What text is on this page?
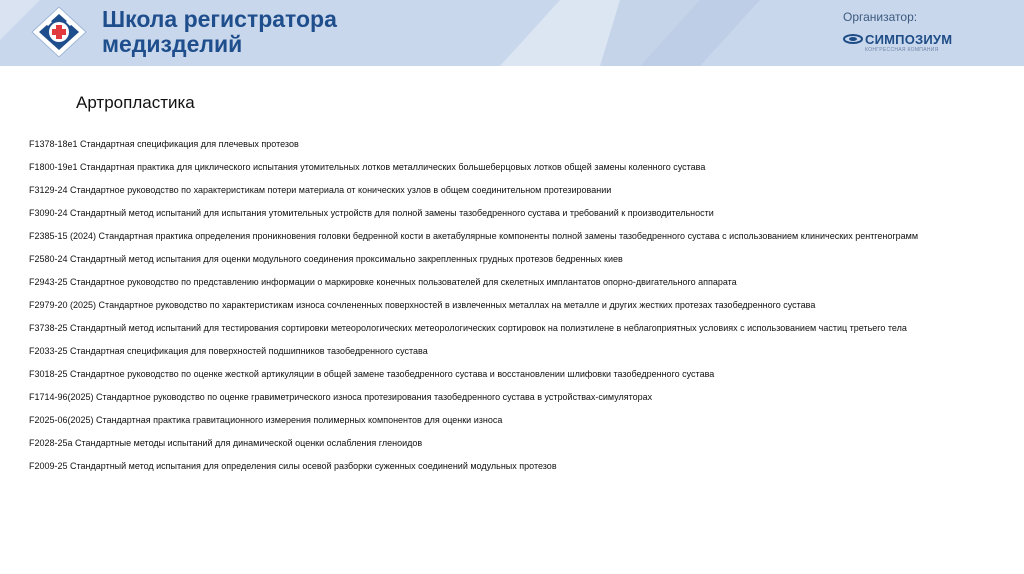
Школа регистратора
медизделий
Организатор:
СИМПОЗИУМ
КОНГРЕССНАЯ КОМПАНИЯ
Артропластика
F1378-18e1 Стандартная спецификация для плечевых протезов
F1800-19e1 Стандартная практика для циклического испытания утомительных лотков металлических большеберцовых лотков общей замены коленного сустава
F3129-24 Стандартное руководство по характеристикам потери материала от конических узлов в общем соединительном протезировании
F3090-24 Стандартный метод испытаний для испытания утомительных устройств для полной замены тазобедренного сустава и требований к производительности
F2385-15 (2024) Стандартная практика определения проникновения головки бедренной кости в акетабулярные компоненты полной замены тазобедренного сустава с использованием клинических рентгенограмм
F2580-24 Стандартный метод испытания для оценки модульного соединения проксимально закрепленных грудных протезов бедренных киев
F2943-25 Стандартное руководство по представлению информации о маркировке конечных пользователей для скелетных имплантатов опорно-двигательного аппарата
F2979-20 (2025) Стандартное руководство по характеристикам износа сочлененных поверхностей в извлеченных металлах на металле и других жестких протезах тазобедренного сустава
F3738-25 Стандартный метод испытаний для тестирования сортировки метеорологических метеорологических сортировок на полиэтилене в неблагоприятных условиях с использованием частиц третьего тела
F2033-25 Стандартная спецификация для поверхностей подшипников тазобедренного сустава
F3018-25 Стандартное руководство по оценке жесткой артикуляции в общей замене тазобедренного сустава и восстановлении шлифовки тазобедренного сустава
F1714-96(2025) Стандартное руководство по оценке гравиметрического износа протезирования тазобедренного сустава в устройствах-симуляторах
F2025-06(2025) Стандартная практика гравитационного измерения полимерных компонентов для оценки износа
F2028-25а Стандартные методы испытаний для динамической оценки ослабления гленоидов
F2009-25 Стандартный метод испытания для определения силы осевой разборки суженных соединений модульных протезов
